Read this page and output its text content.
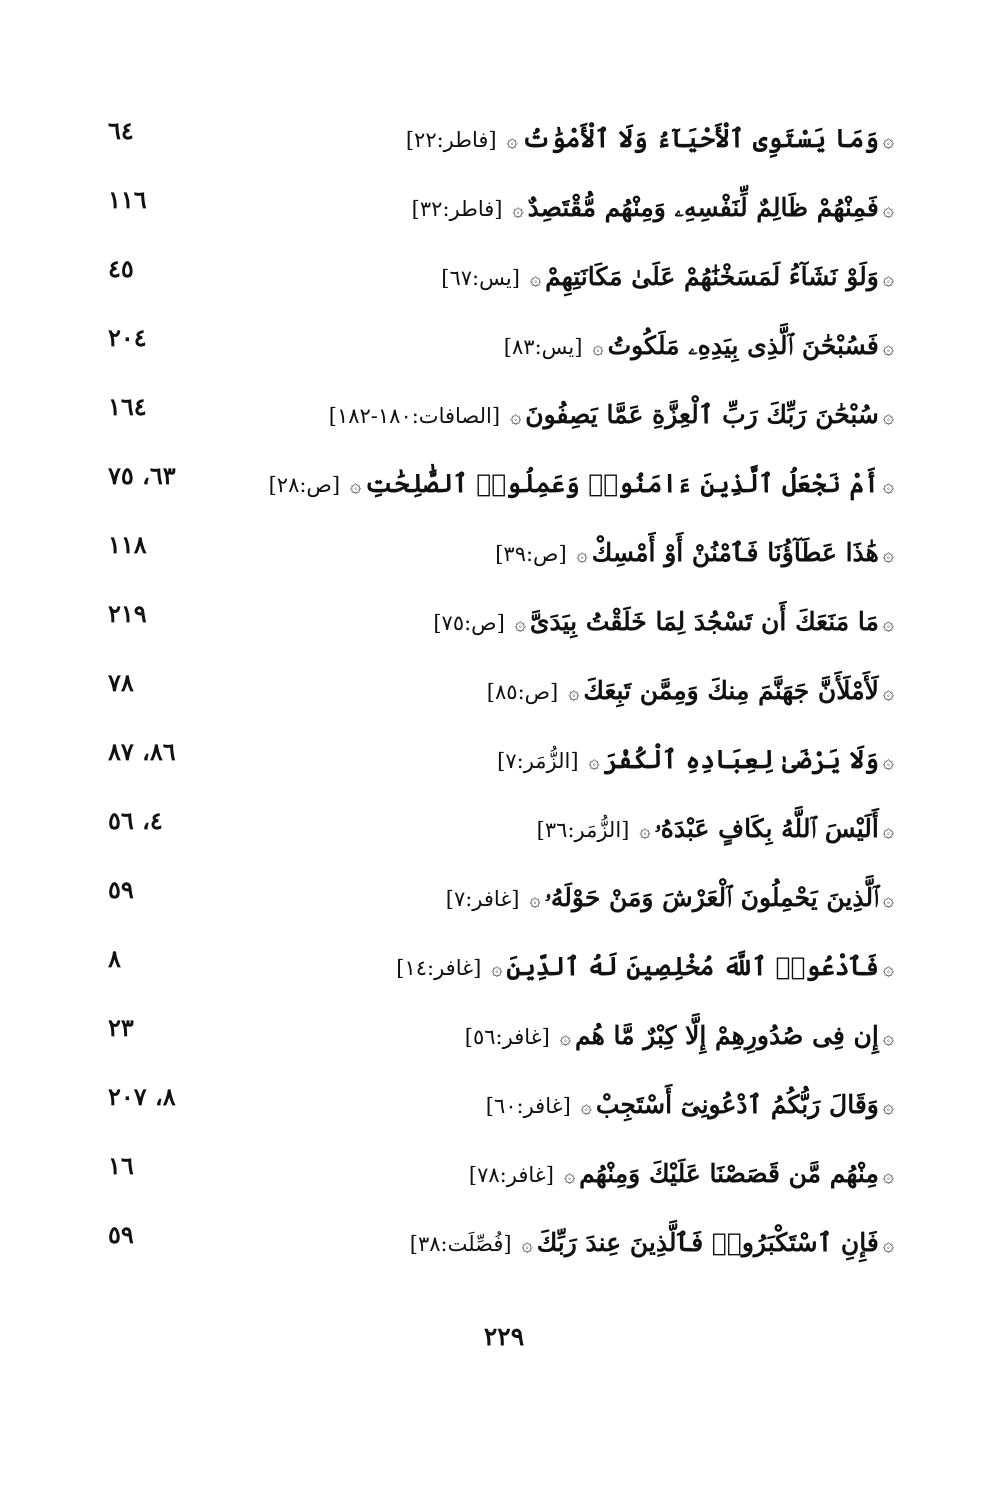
۞وَمَا يَسْتَوِى ٱلْأَحْيَآءُ وَلَا ٱلْأَمْوَٰتُ۞[فاطر:٢٢]
٦٤
۞فَمِنْهُمْ ظَالِمٌ لِّنَفْسِهِۦ وَمِنْهُم مُّقْتَصِدٌ۞[فاطر:٣٢]
١١٦
۞وَلَوْ نَشَآءُ لَمَسَخْنَٰهُمْ عَلَىٰ مَكَانَتِهِمْ۞[يس:٦٧]
٤٥
۞فَسُبْحَٰنَ ٱلَّذِى بِيَدِهِۦ مَلَكُوتُ۞[يس:٨٣]
٢٠٤
۞سُبْحَٰنَ رَبِّكَ رَبِّ ٱلْعِزَّةِ عَمَّا يَصِفُونَ۞[الصافات:١٨٠-١٨٢]
١٦٤
۞أَمْ نَجْعَلُ ٱلَّذِينَ ءَامَنُوا۟ وَعَمِلُوا۟ ٱلصَّٰلِحَٰتِ۞[ص:٢٨]
٦٣، ٧٥
۞هَٰذَا عَطَآؤُنَا فَٱمْنُنْ أَوْ أَمْسِكْ۞[ص:٣٩]
١١٨
۞مَا مَنَعَكَ أَن تَسْجُدَ لِمَا خَلَقْتُ بِيَدَىَّ۞[ص:٧٥]
٢١٩
۞لَأَمْلَأَنَّ جَهَنَّمَ مِنكَ وَمِمَّن تَبِعَكَ۞[ص:٨٥]
٧٨
۞وَلَا يَرْضَىٰ لِعِبَادِهِ ٱلْكُفْرَ۞[الزُّمَر:٧]
٨٦، ٨٧
۞أَلَيْسَ ٱللَّهُ بِكَافٍ عَبْدَهُۥ۞[الزُّمَر:٣٦]
٤، ٥٦
۞ٱلَّذِينَ يَحْمِلُونَ ٱلْعَرْشَ وَمَنْ حَوْلَهُۥ۞[غافر:٧]
٥٩
۞فَٱدْعُوا۟ ٱللَّهَ مُخْلِصِينَ لَهُ ٱلدِّينَ۞[غافر:١٤]
٨
۞إِن فِى صُدُورِهِمْ إِلَّا كِبْرٌ مَّا هُم۞[غافر:٥٦]
٢٣
۞وَقَالَ رَبُّكُمُ ٱدْعُونِىٓ أَسْتَجِبْ۞[غافر:٦٠]
٨، ٢٠٧
۞مِنْهُم مَّن قَصَصْنَا عَلَيْكَ وَمِنْهُم۞[غافر:٧٨]
١٦
۞فَإِنِ ٱسْتَكْبَرُوا۟ فَٱلَّذِينَ عِندَ رَبِّكَ۞[فُصِّلَت:٣٨]
٥٩
٢٢٩
